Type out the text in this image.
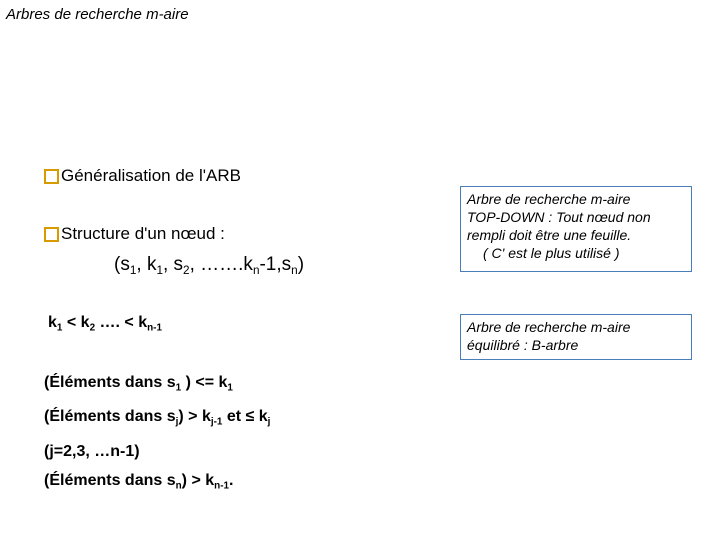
Arbres de recherche m-aire
Généralisation de l'ARB
Structure d'un nœud :
($s_1$, $k_1$, $s_2$, $\dots\dots.k_n-1,s_n$)
$k_1 < k_2$ …. < $k_{n-1}$
(Éléments dans $s_1$ ) <= $k_1$
(Éléments dans $s_j) > k_{j-1}$ et ≤ $k_j$
(j=2,3, …n-1)
(Éléments dans $s_n) > k_{n-1}$.
Arbre de recherche m-aire
TOP-DOWN : Tout nœud non
rempli doit être une feuille.
( C' est le plus utilisé )
Arbre de recherche m-aire
équilibré : B-arbre
